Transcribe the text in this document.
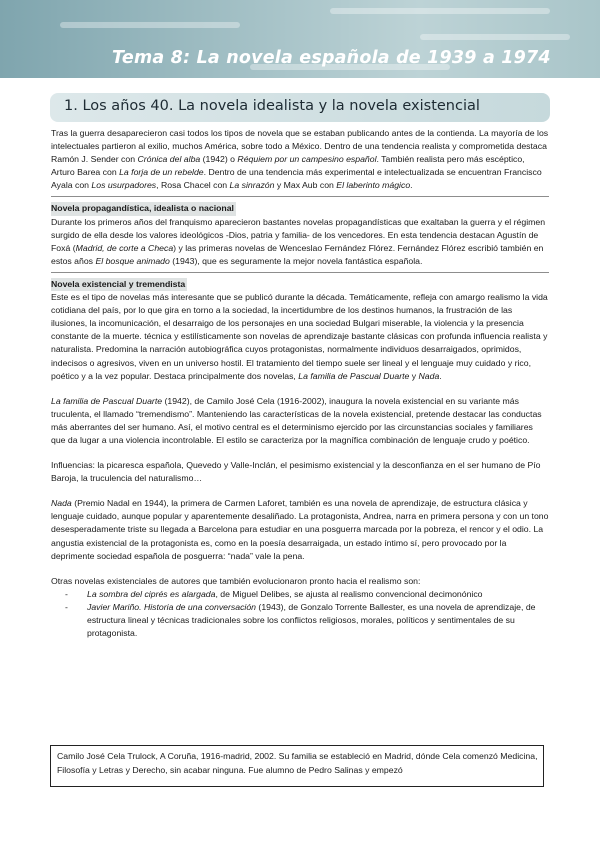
Tema 8: La novela española de 1939 a 1974
1. Los años 40. La novela idealista y la novela existencial

Tras la guerra desaparecieron casi todos los tipos de novela que se estaban publicando antes de la contienda. La mayoría de los intelectuales partieron al exilio, muchos América, sobre todo a México. Dentro de una tendencia realista y comprometida destaca Ramón J. Sender con Crónica del alba (1942) o Réquiem por un campesino español. También realista pero más escéptico, Arturo Barea con La forja de un rebelde. Dentro de una tendencia más experimental e intelectualizada se encuentran Francisco Ayala con Los usurpadores, Rosa Chacel con La sinrazón y Max Aub con El laberinto mágico.

Novela propagandística, idealista o nacional

Durante los primeros años del franquismo aparecieron bastantes novelas propagandísticas que exaltaban la guerra y el régimen surgido de ella desde los valores ideológicos -Dios, patria y familia- de los vencedores. En esta tendencia destacan Agustín de Foxá (Madrid, de corte a Checa) y las primeras novelas de Wenceslao Fernández Flórez. Fernández Flórez escribió también en estos años El bosque animado (1943), que es seguramente la mejor novela fantástica española.

Novela existencial y tremendista

Este es el tipo de novelas más interesante que se publicó durante la década. Temáticamente, refleja con amargo realismo la vida cotidiana del país, por lo que gira en torno a la sociedad, la incertidumbre de los destinos humanos, la frustración de las ilusiones, la incomunicación, el desarraigo de los personajes en una sociedad Bulgari miserable, la violencia y la presencia constante de la muerte. técnica y estilísticamente son novelas de aprendizaje bastante clásicas con profunda influencia realista y naturalista. Predomina la narración autobiográfica cuyos protagonistas, normalmente individuos desarraigados, oprimidos, indecisos o agresivos, viven en un universo hostil. El tratamiento del tiempo suele ser lineal y el lenguaje muy cuidado y rico, poético y a la vez popular. Destaca principalmente dos novelas, La familia de Pascual Duarte y Nada.

La familia de Pascual Duarte (1942), de Camilo José Cela (1916-2002), inaugura la novela existencial en su variante más truculenta, el llamado “tremendismo”. Manteniendo las características de la novela existencial, pretende destacar las conductas más aberrantes del ser humano. Así, el motivo central es el determinismo ejercido por las circunstancias sociales y familiares que da lugar a una violencia incontrolable. El estilo se caracteriza por la magnífica combinación de lenguaje crudo y poético.

Influencias: la picaresca española, Quevedo y Valle-Inclán, el pesimismo existencial y la desconfianza en el ser humano de Pío Baroja, la truculencia del naturalismo…

Nada (Premio Nadal en 1944), la primera de Carmen Laforet, también es una novela de aprendizaje, de estructura clásica y lenguaje cuidado, aunque popular y aparentemente desaliñado. La protagonista, Andrea, narra en primera persona y con un tono desesperadamente triste su llegada a Barcelona para estudiar en una posguerra marcada por la pobreza, el rencor y el odio. La angustia existencial de la protagonista es, como en la poesía desarraigada, un estado íntimo sí, pero provocado por la deprimente sociedad española de posguerra: “nada” vale la pena.

Otras novelas existenciales de autores que también evolucionaron pronto hacia el realismo son:

- La sombra del ciprés es alargada, de Miguel Delibes, se ajusta al realismo convencional decimonónico
- Javier Mariño. Historia de una conversación (1943), de Gonzalo Torrente Ballester, es una novela de aprendizaje, de estructura lineal y técnicas tradicionales sobre los conflictos religiosos, morales, políticos y sentimentales de su protagonista.

Camilo José Cela Trulock, A Coruña, 1916-madrid, 2002. Su familia se estableció en Madrid, dónde Cela comenzó Medicina, Filosofía y Letras y Derecho, sin acabar ninguna. Fue alumno de Pedro Salinas y empezó
